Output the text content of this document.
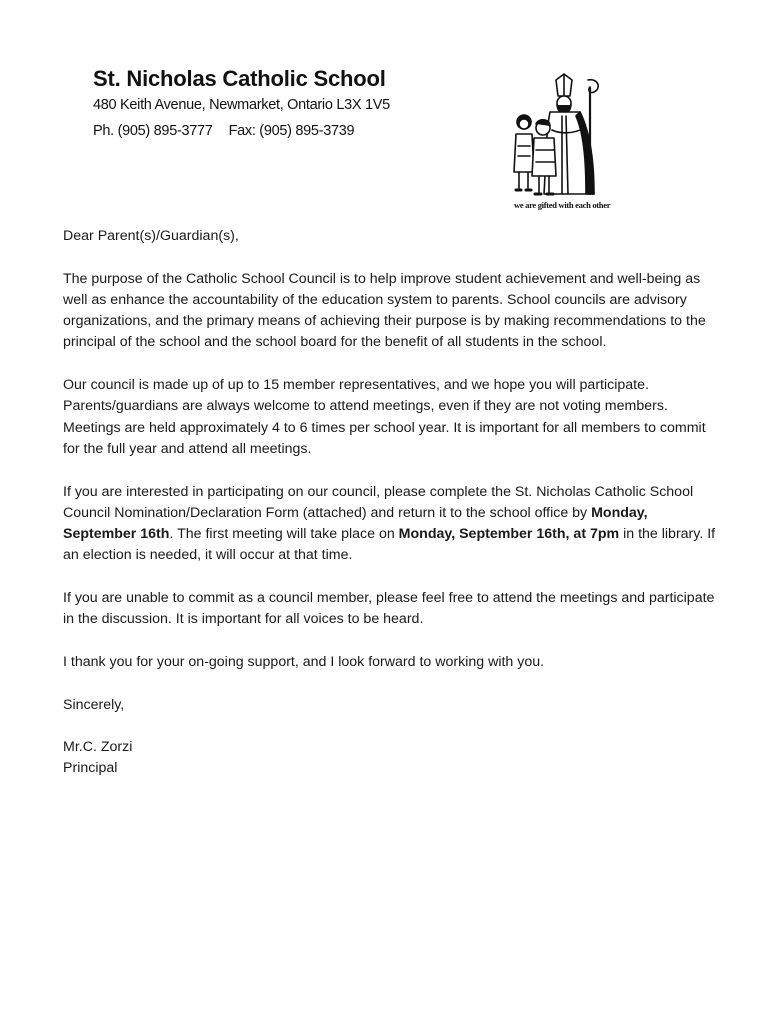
St. Nicholas Catholic School
480 Keith Avenue, Newmarket, Ontario L3X 1V5
Ph. (905) 895-3777 Fax: (905) 895-3739
we are gifted with each other

Dear Parent(s)/Guardian(s),

The purpose of the Catholic School Council is to help improve student achievement and well-being as well as enhance the accountability of the education system to parents. School councils are advisory organizations, and the primary means of achieving their purpose is by making recommendations to the principal of the school and the school board for the benefit of all students in the school.

Our council is made up of up to 15 member representatives, and we hope you will participate. Parents/guardians are always welcome to attend meetings, even if they are not voting members. Meetings are held approximately 4 to 6 times per school year. It is important for all members to commit for the full year and attend all meetings.

If you are interested in participating on our council, please complete the St. Nicholas Catholic School Council Nomination/Declaration Form (attached) and return it to the school office by Monday, September 16th. The first meeting will take place on Monday, September 16th, at 7pm in the library. If an election is needed, it will occur at that time.

If you are unable to commit as a council member, please feel free to attend the meetings and participate in the discussion. It is important for all voices to be heard.

I thank you for your on-going support, and I look forward to working with you.

Sincerely,

Mr.C. Zorzi
Principal
